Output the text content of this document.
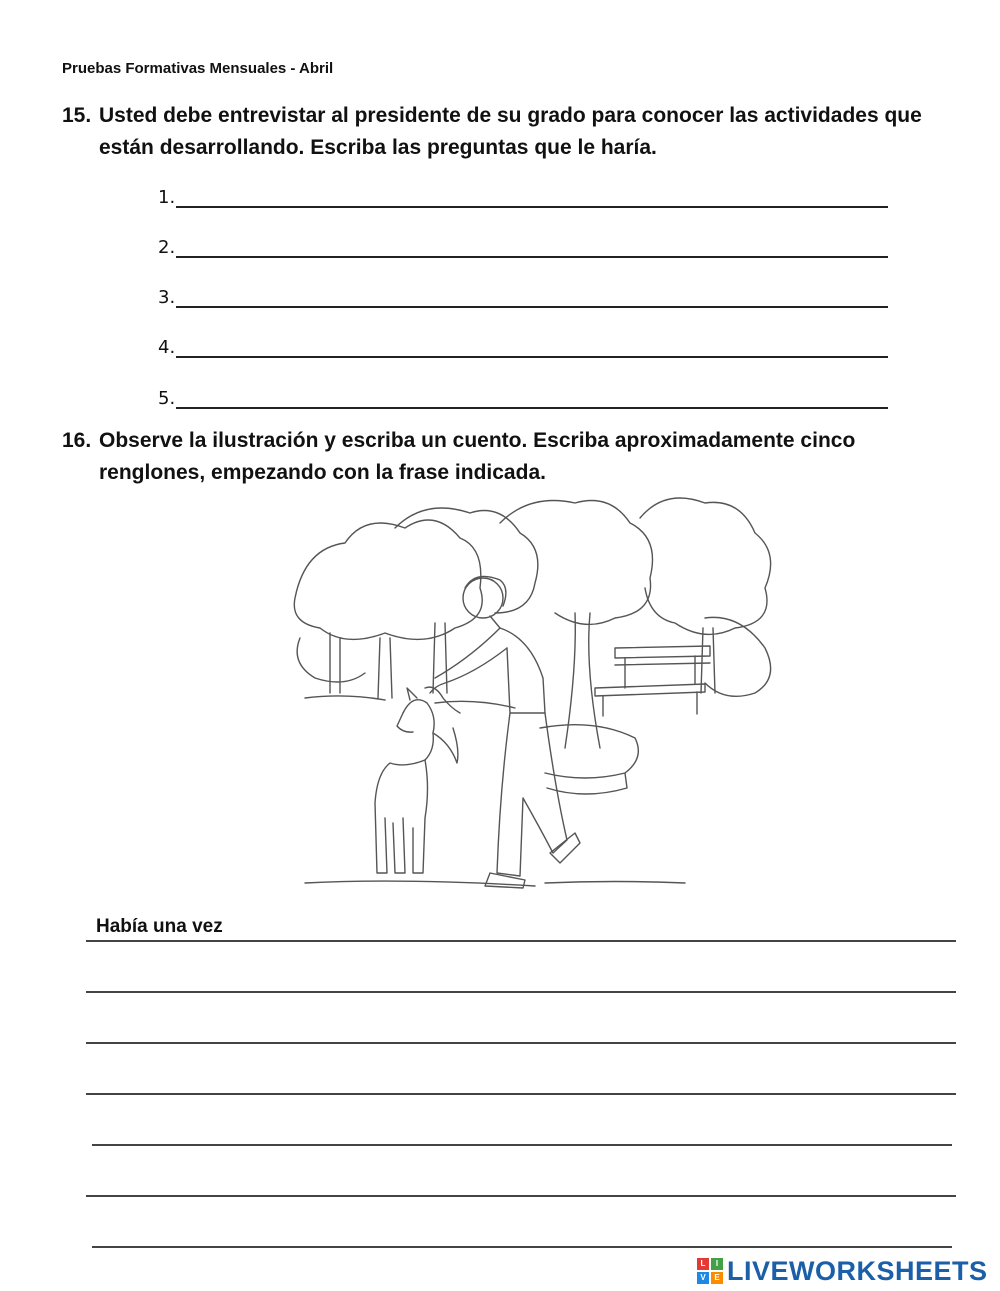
Pruebas Formativas Mensuales - Abril
15. Usted debe entrevistar al presidente de su grado para conocer las actividades que
están desarrollando. Escriba las preguntas que le haría.
1.
2.
3.
4.
5.
16. Observe la ilustración y escriba un cuento. Escriba aproximadamente cinco
renglones, empezando con la frase indicada.
Había una vez
L	I
V	E LIVEWORKSHEETS
